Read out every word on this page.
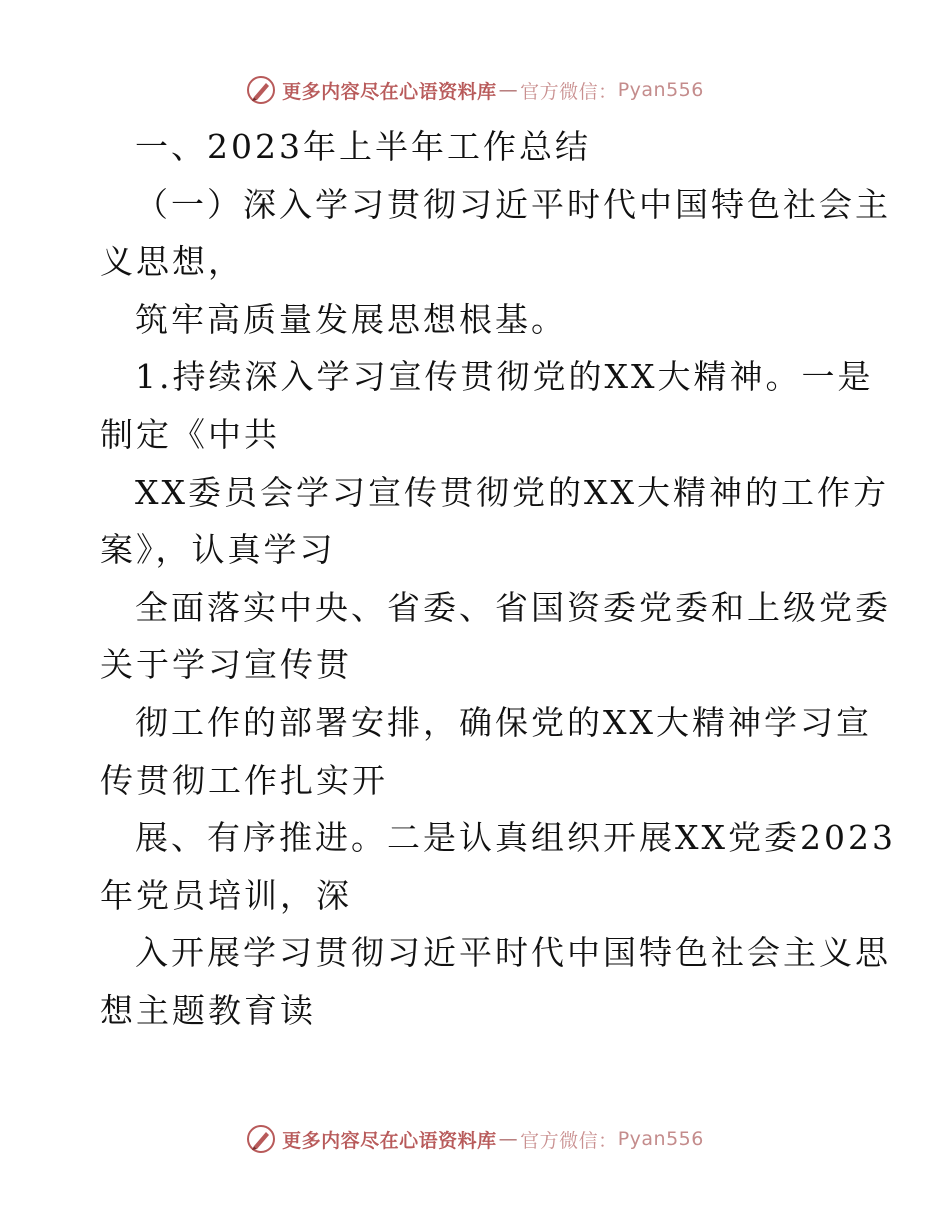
更多内容尽在心语资料库 — 官方微信： Pyan556
一、2023年上半年工作总结
（一）深入学习贯彻习近平时代中国特色社会主
义思想，
筑牢高质量发展思想根基。
1.持续深入学习宣传贯彻党的XX大精神。一是
制定《中共
XX委员会学习宣传贯彻党的XX大精神的工作方
案》，认真学习
全面落实中央、省委、省国资委党委和上级党委
关于学习宣传贯
彻工作的部署安排，确保党的XX大精神学习宣
传贯彻工作扎实开
展、有序推进。二是认真组织开展XX党委2023
年党员培训，深
入开展学习贯彻习近平时代中国特色社会主义思
想主题教育读
更多内容尽在心语资料库 — 官方微信： Pyan556
